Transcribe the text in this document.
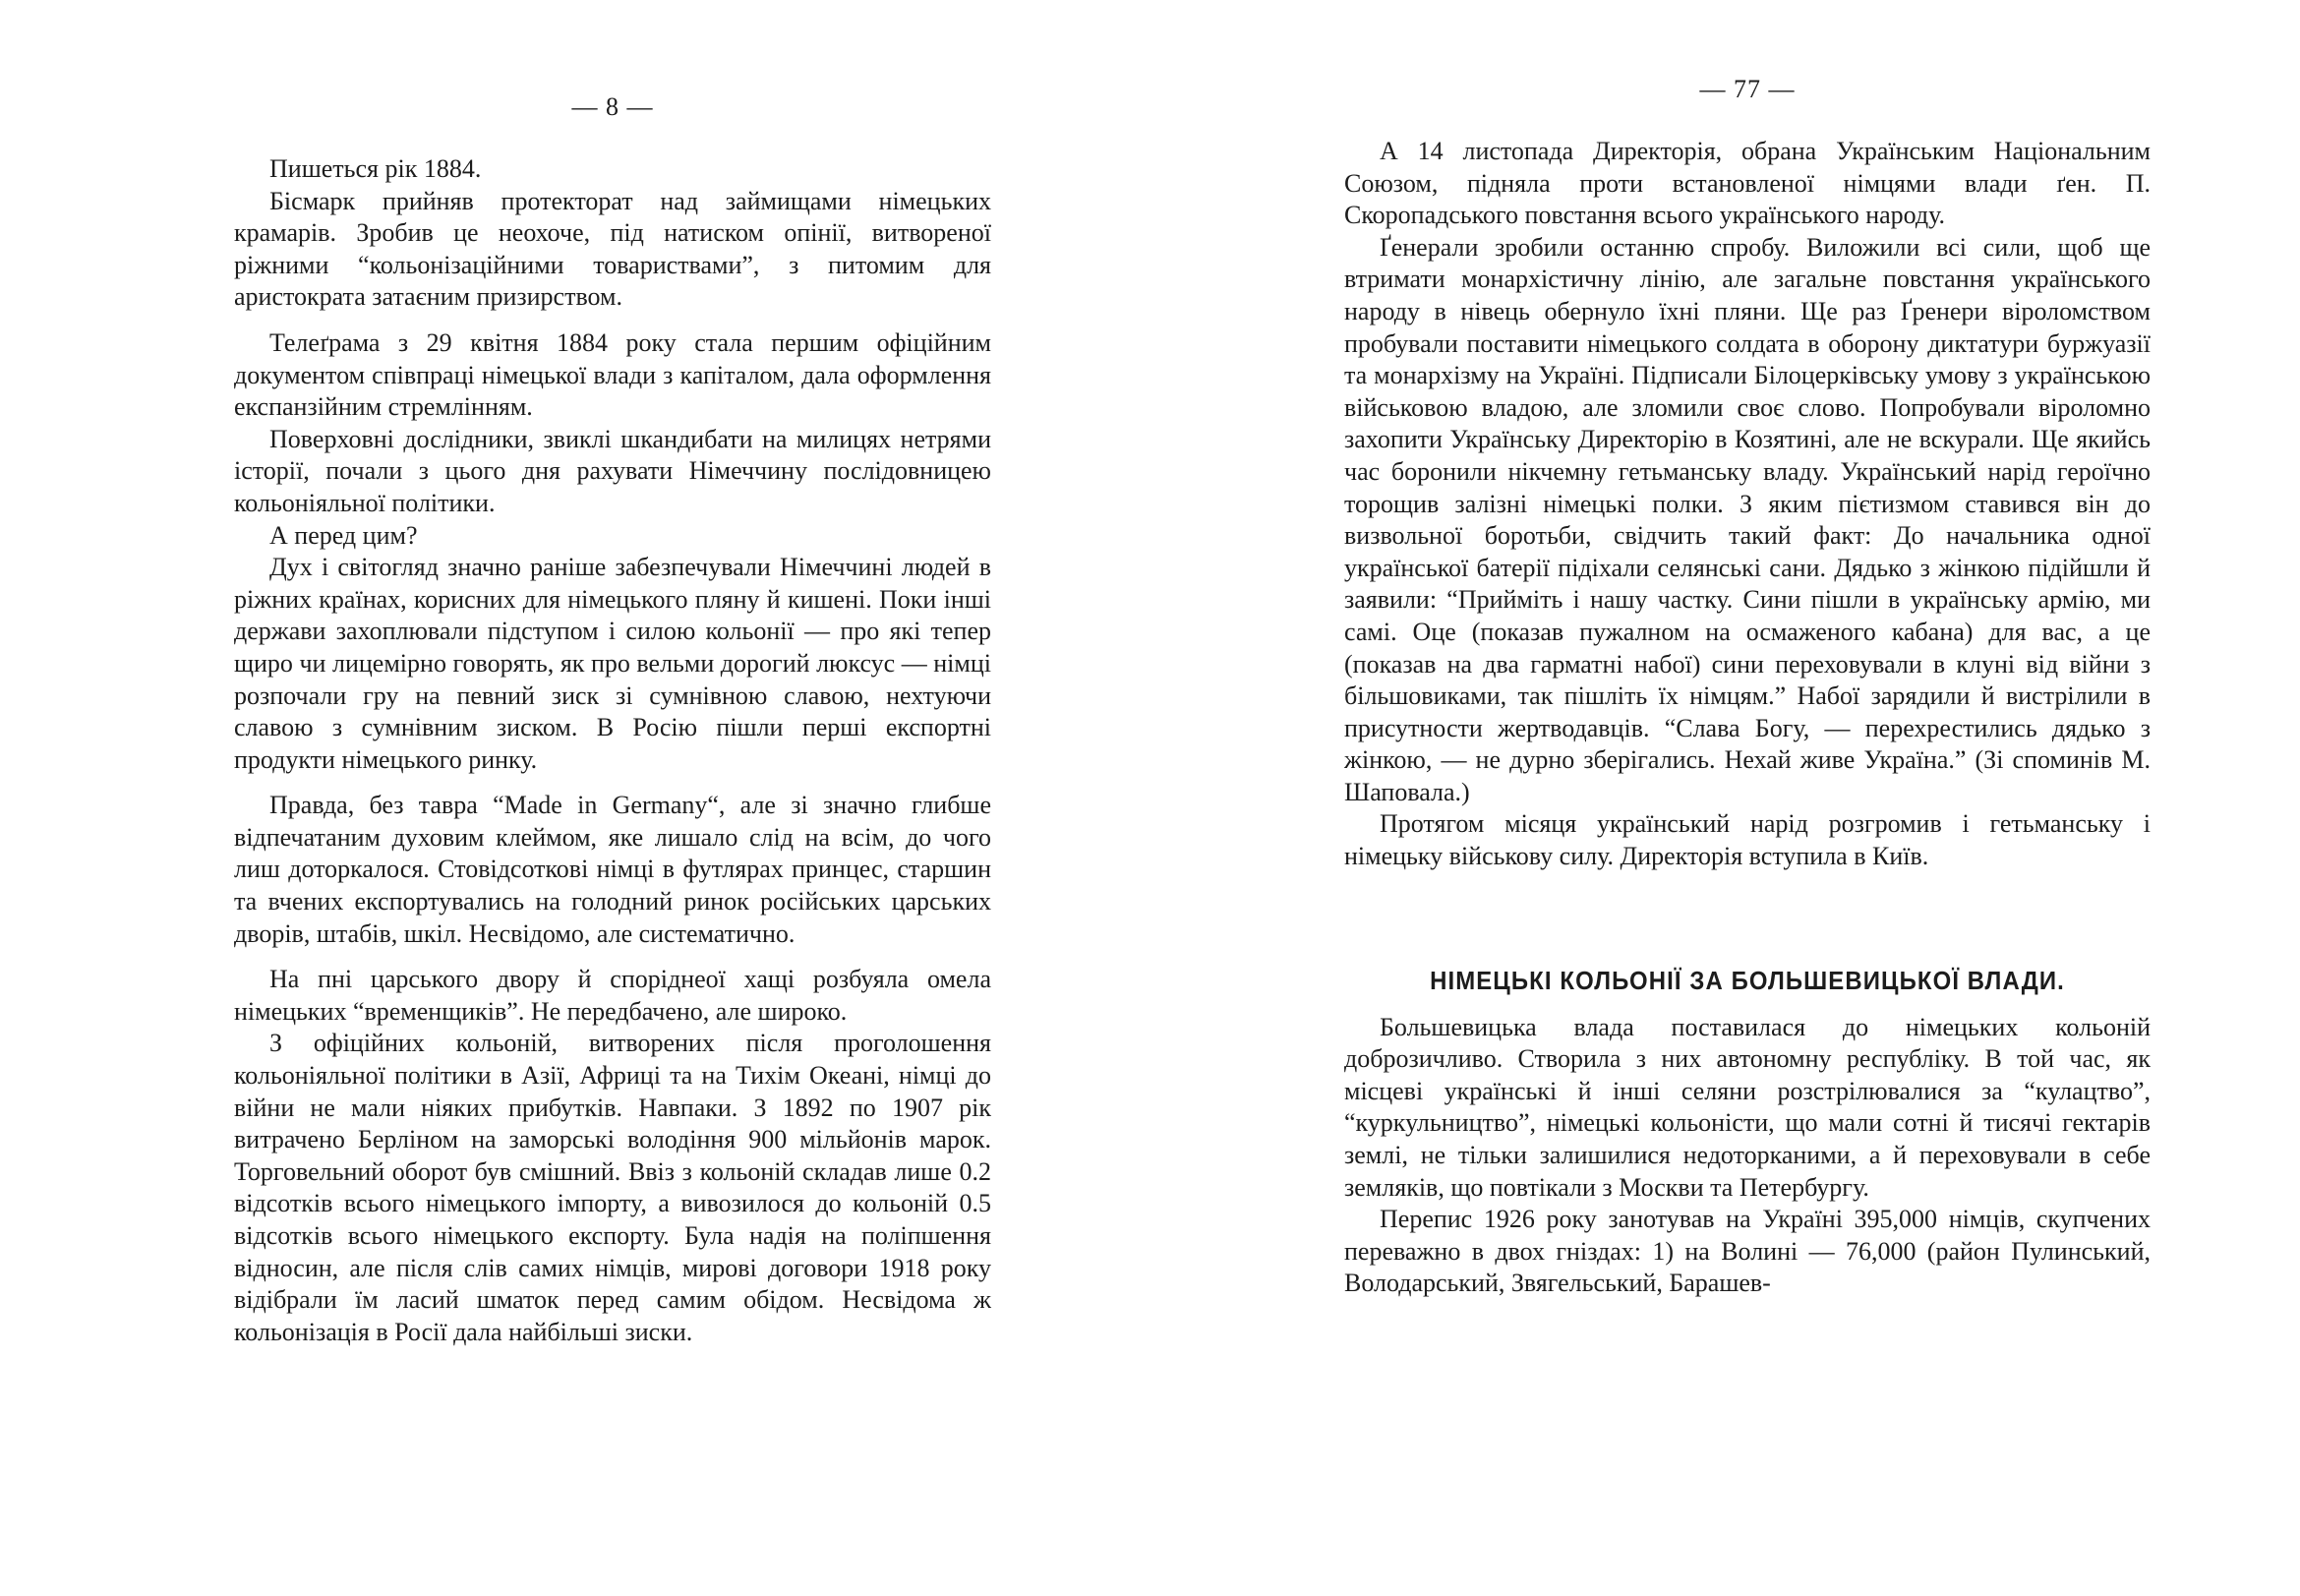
— 8 —

Пишеться рік 1884.

Бісмарк прийняв протекторат над займищами німецьких крамарів. Зробив це неохоче, під натиском опінії, витвореної ріжними “кольонізаційними товариствами”, з питомим для аристократа затаєним призирством.

Телеґрама з 29 квітня 1884 року стала першим офіційним документом співпраці німецької влади з капіталом, дала оформлення експанзійним стремлінням.

Поверховні дослідники, звиклі шкандибати на милицях нетрями історії, почали з цього дня рахувати Німеччину послідовницею кольоніяльної політики.

А перед цим?

Дух і світогляд значно раніше забезпечували Німеччині людей в ріжних країнах, корисних для німецького пляну й кишені. Поки інші держави захоплювали підступом і силою кольонії — про які тепер щиро чи лицемірно говорять, як про вельми дорогий люксус — німці розпочали гру на певний зиск зі сумнівною славою, нехтуючи славою з сумнівним зиском. В Росію пішли перші експортні продукти німецького ринку.

Правда, без тавра “Made in Germany“, але зі значно глибше відпечатаним духовим клеймом, яке лишало слід на всім, до чого лиш доторкалося. Стовідсоткові німці в футлярах принцес, старшин та вчених експортувались на голодний ринок російських царських дворів, штабів, шкіл. Несвідомо, але систематично.

На пні царського двору й споріднеої хащі розбуяла омела німецьких “временщиків”. Не передбачено, але широко.

З офіційних кольоній, витворених після проголошення кольоніяльної політики в Азії, Африці та на Тихім Океані, німці до війни не мали ніяких прибутків. Навпаки. З 1892 по 1907 рік витрачено Берліном на заморські володіння 900 мільйонів марок. Торговельний оборот був смішний. Ввіз з кольоній складав лише 0.2 відсотків всього німецького імпорту, а вивозилося до кольоній 0.5 відсотків всього німецького експорту. Була надія на поліпшення відносин, але після слів самих німців, мирові договори 1918 року відібрали їм ласий шматок перед самим обідом. Несвідома ж кольонізація в Росії дала найбільші зиски.

— 77 —

А 14 листопада Директорія, обрана Українським Національним Союзом, підняла проти встановленої німцями влади ґен. П. Скоропадського повстання всього українського народу.

Ґенерали зробили останню спробу. Виложили всі сили, щоб ще втримати монархістичну лінію, але загальне повстання українського народу в нівець обернуло їхні пляни. Ще раз Ґренери віроломством пробували поставити німецького солдата в оборону диктатури буржуазії та монархізму на Україні. Підписали Білоцерківську умову з українською військовою владою, але зломили своє слово. Попробували віроломно захопити Українську Директорію в Козятині, але не вскурали. Ще якийсь час боронили нікчемну гетьманську владу. Український нарід героїчно торощив залізні німецькі полки. З яким пієтизмом ставився він до визвольної боротьби, свідчить такий факт: До начальника одної української батерії підіхали селянські сани. Дядько з жінкою підійшли й заявили: “Прийміть і нашу частку. Сини пішли в українську армію, ми самі. Оце (показав пужалном на осмаженого кабана) для вас, а це (показав на два гарматні набої) сини переховували в клуні від війни з більшовиками, так пішліть їх німцям.” Набої зарядили й вистрілили в присутности жертводавців. “Слава Богу, — перехрестились дядько з жінкою, — не дурно зберігались. Нехай живе Україна.” (Зі споминів М. Шаповала.)

Протягом місяця український нарід розгромив і гетьманську і німецьку військову силу. Директорія вступила в Київ.

НІМЕЦЬКІ КОЛЬОНІЇ ЗА БОЛЬШЕВИЦЬКОЇ ВЛАДИ.

Большевицька влада поставилася до німецьких кольоній доброзичливо. Створила з них автономну республіку. В той час, як місцеві українські й інші селяни розстрілювалися за “кулацтво”, “куркульництво”, німецькі кольоністи, що мали сотні й тисячі гектарів землі, не тільки залишилися недоторканими, а й переховували в себе земляків, що повтікали з Москви та Петербургу.

Перепис 1926 року занотував на Україні 395,000 німців, скупчених переважно в двох гніздах: 1) на Волині — 76,000 (район Пулинський, Володарський, Звягельський, Барашев-
